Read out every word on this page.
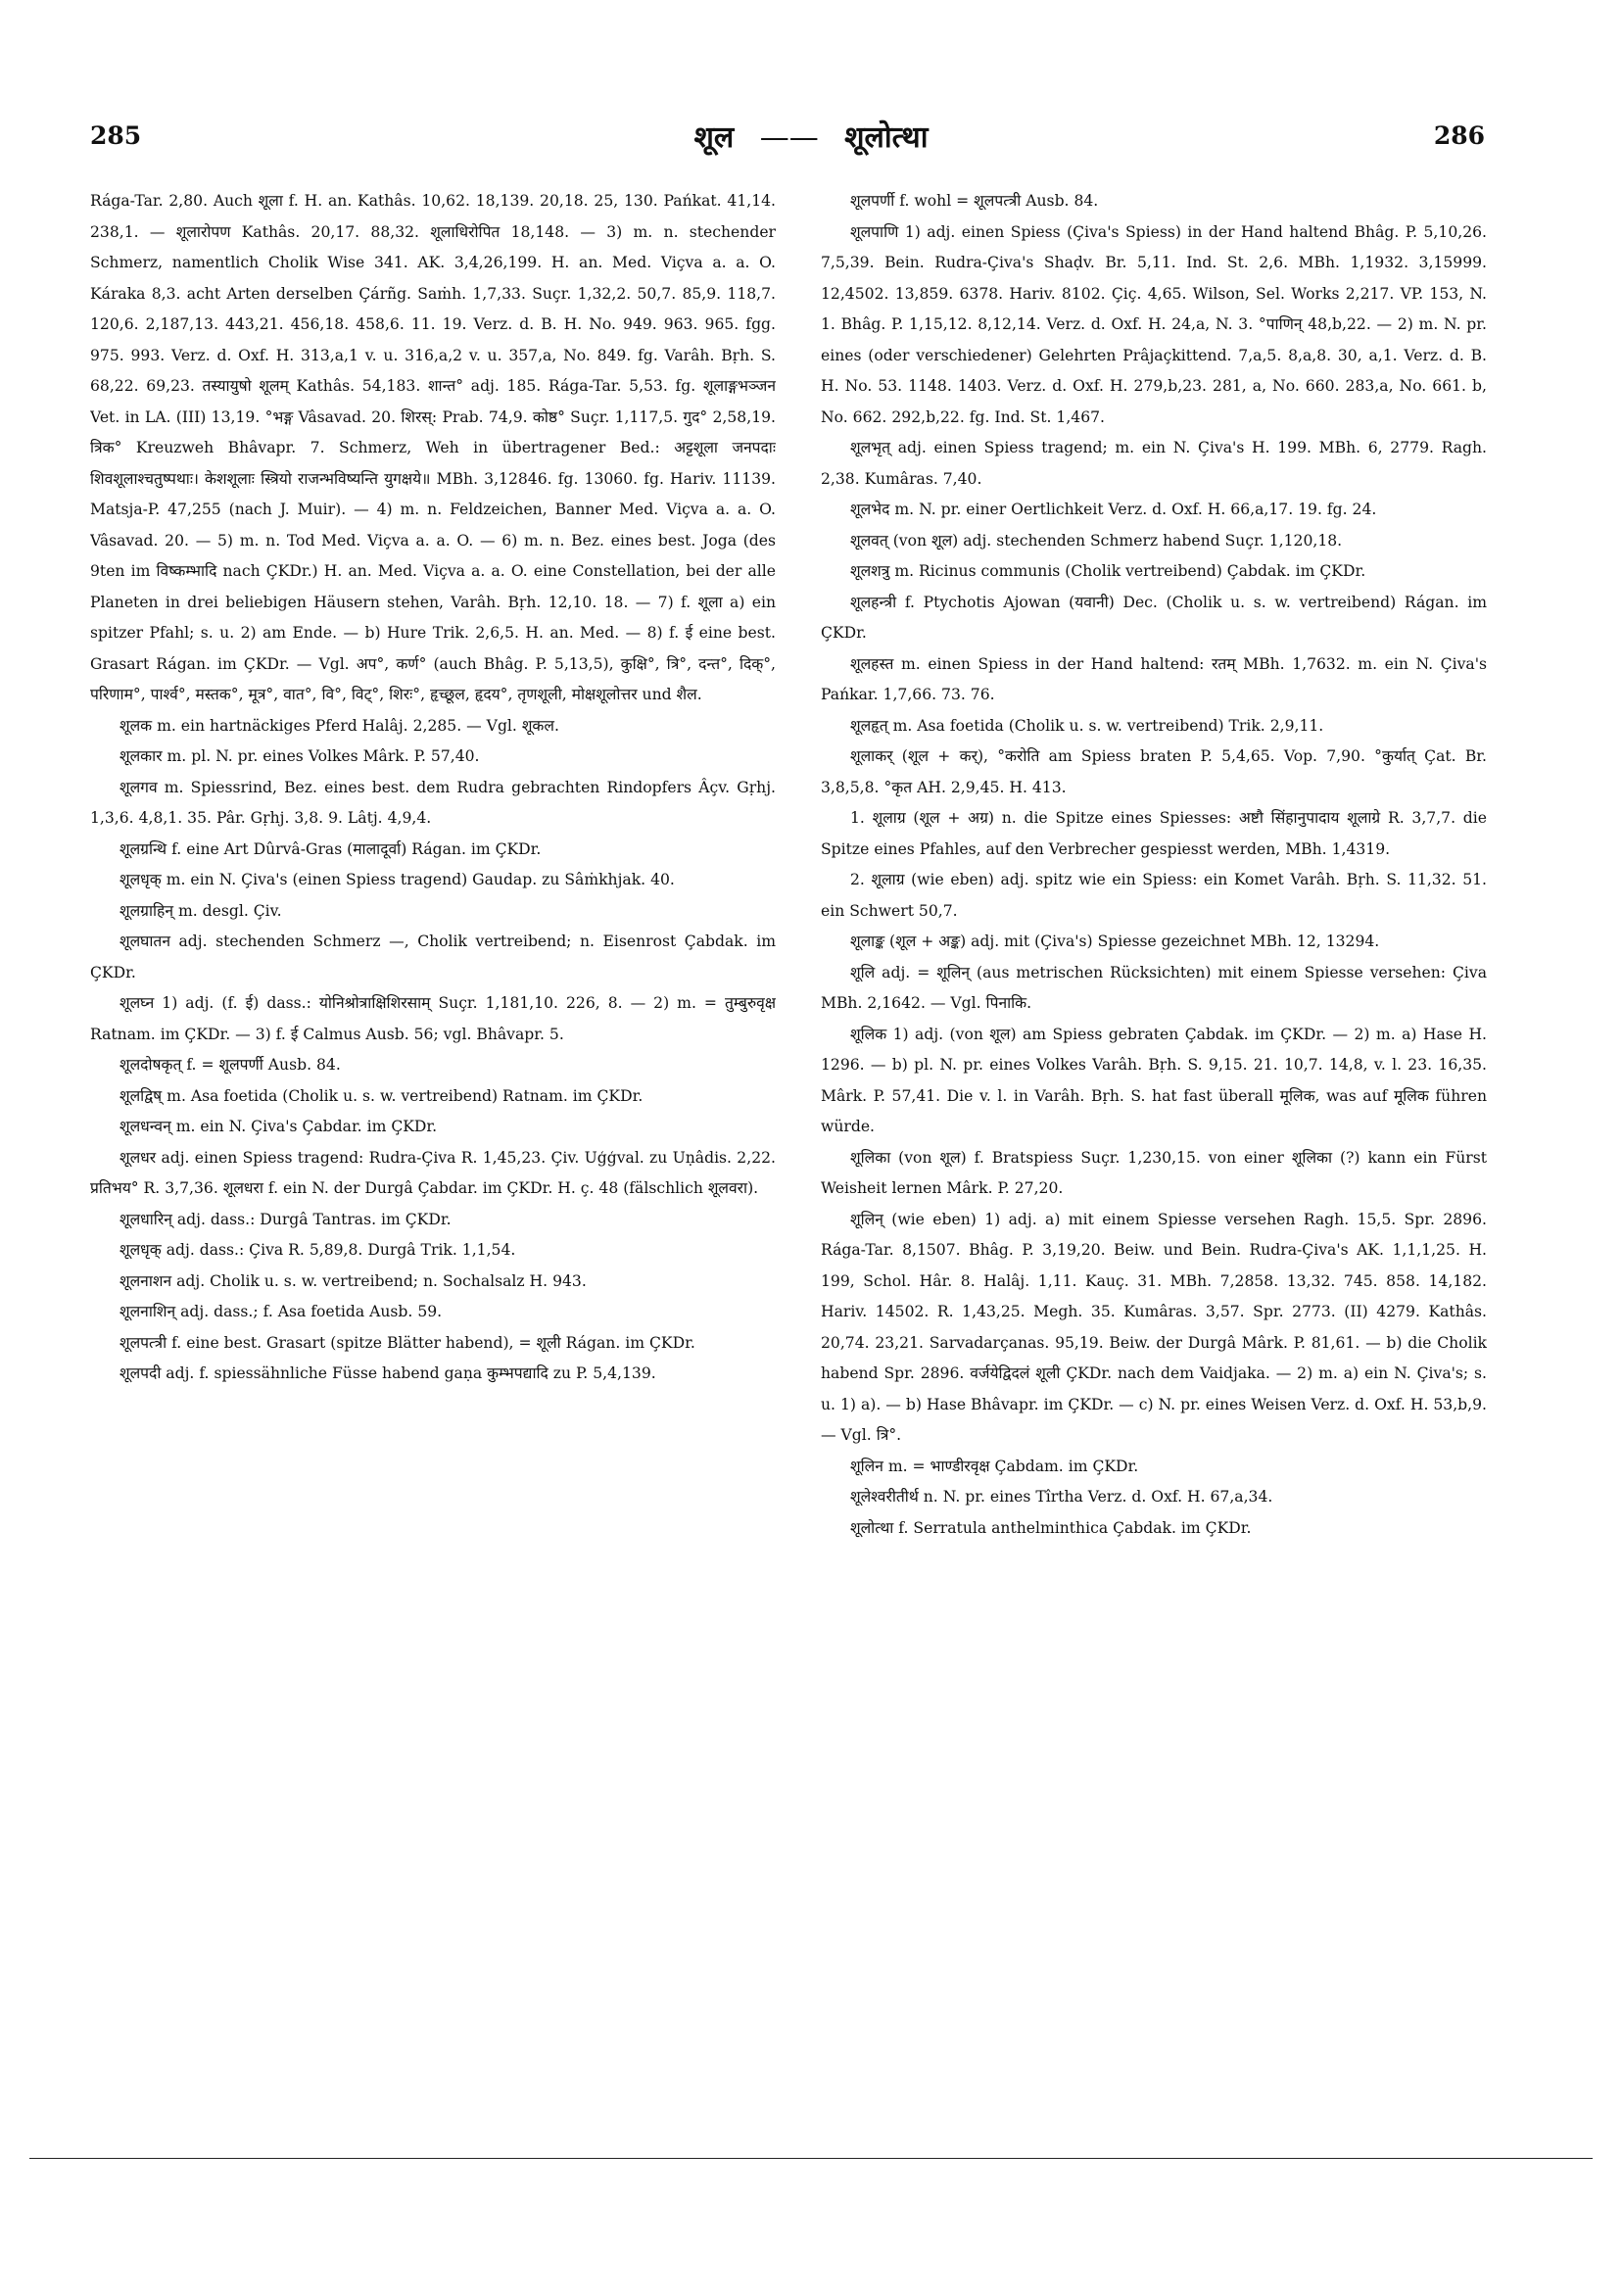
285	शूल —— शूलोत्था	286

Rága-Tar. 2,80. Auch शूला f. H. an. Kathâs. 10,62. 18,139. 20,18. 25, 130. Pańkat. 41,14. 238,1. — शूलारोपण Kathâs. 20,17. 88,32. शूलाधिरोपित 18,148. — 3) m. n. stechender Schmerz, namentlich Cholik Wise 341. AK. 3,4,26,199. H. an. Med. Viçva a. a. O. Káraka 8,3. acht Arten derselben Çárñg. Saṁh. 1,7,33. Suçr. 1,32,2. 50,7. 85,9. 118,7. 120,6. 2,187,13. 443,21. 456,18. 458,6. 11. 19. Verz. d. B. H. No. 949. 963. 965. fgg. 975. 993. Verz. d. Oxf. H. 313,a,1 v. u. 316,a,2 v. u. 357,a, No. 849. fg. Varâh. Bṛh. S. 68,22. 69,23. तस्यायुषो शूलम् Kathâs. 54,183. शान्त° adj. 185. Rága-Tar. 5,53. fg. शूलाङ्गभञ्जन Vet. in LA. (III) 13,19. °भङ्ग Vâsavad. 20. शिरस्: Prab. 74,9. कोष्ठ° Suçr. 1,117,5. गुद° 2,58,19. त्रिक° Kreuzweh Bhâvapr. 7. Schmerz, Weh in übertragener Bed.: अट्टशूला जनपदाः शिवशूलाश्चतुष्पथाः। केशशूलाः स्त्रियो राजन्भविष्यन्ति युगक्षये॥ MBh. 3,12846. fg. 13060. fg. Hariv. 11139. Matsja-P. 47,255 (nach J. Muir). — 4) m. n. Feldzeichen, Banner Med. Viçva a. a. O. Vâsavad. 20. — 5) m. n. Tod Med. Viçva a. a. O. — 6) m. n. Bez. eines best. Joga (des 9ten im विष्कम्भादि nach ÇKDr.) H. an. Med. Viçva a. a. O. eine Constellation, bei der alle Planeten in drei beliebigen Häusern stehen, Varâh. Bṛh. 12,10. 18. — 7) f. शूला a) ein spitzer Pfahl; s. u. 2) am Ende. — b) Hure Trik. 2,6,5. H. an. Med. — 8) f. ई eine best. Grasart Rágan. im ÇKDr. — Vgl. अप°, कर्ण° (auch Bhâg. P. 5,13,5), कुक्षि°, त्रि°, दन्त°, दिक्°, परिणाम°, पार्श्व°, मस्तक°, मूत्र°, वात°, वि°, विट्°, शिरः°, हृच्छूल, हृदय°, तृणशूली, मोक्षशूलोत्तर und शैल.

शूलक m. ein hartnäckiges Pferd Halâj. 2,285. — Vgl. शूकल.

शूलकार m. pl. N. pr. eines Volkes Mârk. P. 57,40.

शूलगव m. Spiessrind, Bez. eines best. dem Rudra gebrachten Rindopfers Âçv. Gṛhj. 1,3,6. 4,8,1. 35. Pâr. Gṛhj. 3,8. 9. Lâtj. 4,9,4.

शूलग्रन्थि f. eine Art Dûrvâ-Gras (मालादूर्वा) Rágan. im ÇKDr.

शूलधृक् m. ein N. Çiva's (einen Spiess tragend) Gaudap. zu Sâṁkhjak. 40.

शूलग्राहिन् m. desgl. Çiv.

शूलघातन adj. stechenden Schmerz —, Cholik vertreibend; n. Eisenrost Çabdak. im ÇKDr.

शूलघ्न 1) adj. (f. ई) dass.: योनिश्रोत्राक्षिशिरसाम् Suçr. 1,181,10. 226, 8. — 2) m. = तुम्बुरुवृक्ष Ratnam. im ÇKDr. — 3) f. ई Calmus Ausb. 56; vgl. Bhâvapr. 5.

शूलदोषकृत् f. = शूलपर्णी Ausb. 84.

शूलद्विष् m. Asa foetida (Cholik u. s. w. vertreibend) Ratnam. im ÇKDr.

शूलधन्वन् m. ein N. Çiva's Çabdar. im ÇKDr.

शूलधर adj. einen Spiess tragend: Rudra-Çiva R. 1,45,23. Çiv. Uģģval. zu Uṇâdis. 2,22. प्रतिभय° R. 3,7,36. शूलधरा f. ein N. der Durgâ Çabdar. im ÇKDr. H. ç. 48 (fälschlich शूलवरा).

शूलधारिन् adj. dass.: Durgâ Tantras. im ÇKDr.

शूलधृक् adj. dass.: Çiva R. 5,89,8. Durgâ Trik. 1,1,54.

शूलनाशन adj. Cholik u. s. w. vertreibend; n. Sochalsalz H. 943.

शूलनाशिन् adj. dass.; f. Asa foetida Ausb. 59.

शूलपत्त्री f. eine best. Grasart (spitze Blätter habend), = शूली Rágan. im ÇKDr.

शूलपदी adj. f. spiessähnliche Füsse habend gaṇa कुम्भपद्यादि zu P. 5,4,139.

शूलपर्णी f. wohl = शूलपत्त्री Ausb. 84.

शूलपाणि 1) adj. einen Spiess (Çiva's Spiess) in der Hand haltend Bhâg. P. 5,10,26. 7,5,39. Bein. Rudra-Çiva's Shaḍv. Br. 5,11. Ind. St. 2,6. MBh. 1,1932. 3,15999. 12,4502. 13,859. 6378. Hariv. 8102. Çiç. 4,65. Wilson, Sel. Works 2,217. VP. 153, N. 1. Bhâg. P. 1,15,12. 8,12,14. Verz. d. Oxf. H. 24,a, N. 3. °पाणिन् 48,b,22. — 2) m. N. pr. eines (oder verschiedener) Gelehrten Prâjaçkittend. 7,a,5. 8,a,8. 30, a,1. Verz. d. B. H. No. 53. 1148. 1403. Verz. d. Oxf. H. 279,b,23. 281, a, No. 660. 283,a, No. 661. b, No. 662. 292,b,22. fg. Ind. St. 1,467.

शूलभृत् adj. einen Spiess tragend; m. ein N. Çiva's H. 199. MBh. 6, 2779. Ragh. 2,38. Kumâras. 7,40.

शूलभेद m. N. pr. einer Oertlichkeit Verz. d. Oxf. H. 66,a,17. 19. fg. 24.

शूलवत् (von शूल) adj. stechenden Schmerz habend Suçr. 1,120,18.

शूलशत्रु m. Ricinus communis (Cholik vertreibend) Çabdak. im ÇKDr.

शूलहन्त्री f. Ptychotis Ajowan (यवानी) Dec. (Cholik u. s. w. vertreibend) Rágan. im ÇKDr.

शूलहस्त m. einen Spiess in der Hand haltend: रतम् MBh. 1,7632. m. ein N. Çiva's Pańkar. 1,7,66. 73. 76.

शूलहृत् m. Asa foetida (Cholik u. s. w. vertreibend) Trik. 2,9,11.

शूलाकर् (शूल + कर्), °करोति am Spiess braten P. 5,4,65. Vop. 7,90. °कुर्यात् Çat. Br. 3,8,5,8. °कृत AH. 2,9,45. H. 413.

1. शूलाग्र (शूल + अग्र) n. die Spitze eines Spiesses: अष्टौ सिंहानुपादाय शूलाग्रे R. 3,7,7. die Spitze eines Pfahles, auf den Verbrecher gespiesst werden, MBh. 1,4319.

2. शूलाग्र (wie eben) adj. spitz wie ein Spiess: ein Komet Varâh. Bṛh. S. 11,32. 51. ein Schwert 50,7.

शूलाङ्क (शूल + अङ्क) adj. mit (Çiva's) Spiesse gezeichnet MBh. 12, 13294.

शूलि adj. = शूलिन् (aus metrischen Rücksichten) mit einem Spiesse versehen: Çiva MBh. 2,1642. — Vgl. पिनाकि.

शूलिक 1) adj. (von शूल) am Spiess gebraten Çabdak. im ÇKDr. — 2) m. a) Hase H. 1296. — b) pl. N. pr. eines Volkes Varâh. Bṛh. S. 9,15. 21. 10,7. 14,8, v. l. 23. 16,35. Mârk. P. 57,41. Die v. l. in Varâh. Bṛh. S. hat fast überall मूलिक, was auf मूलिक führen würde.

शूलिका (von शूल) f. Bratspiess Suçr. 1,230,15. von einer शूलिका (?) kann ein Fürst Weisheit lernen Mârk. P. 27,20.

शूलिन् (wie eben) 1) adj. a) mit einem Spiesse versehen Ragh. 15,5. Spr. 2896. Rága-Tar. 8,1507. Bhâg. P. 3,19,20. Beiw. und Bein. Rudra-Çiva's AK. 1,1,1,25. H. 199, Schol. Hâr. 8. Halâj. 1,11. Kauç. 31. MBh. 7,2858. 13,32. 745. 858. 14,182. Hariv. 14502. R. 1,43,25. Megh. 35. Kumâras. 3,57. Spr. 2773. (II) 4279. Kathâs. 20,74. 23,21. Sarvadarçanas. 95,19. Beiw. der Durgâ Mârk. P. 81,61. — b) die Cholik habend Spr. 2896. वर्जयेद्विदलं शूली ÇKDr. nach dem Vaidjaka. — 2) m. a) ein N. Çiva's; s. u. 1) a). — b) Hase Bhâvapr. im ÇKDr. — c) N. pr. eines Weisen Verz. d. Oxf. H. 53,b,9. — Vgl. त्रि°.

शूलिन m. = भाण्डीरवृक्ष Çabdam. im ÇKDr.

शूलेश्वरीतीर्थ n. N. pr. eines Tîrtha Verz. d. Oxf. H. 67,a,34.

शूलोत्था f. Serratula anthelminthica Çabdak. im ÇKDr.
